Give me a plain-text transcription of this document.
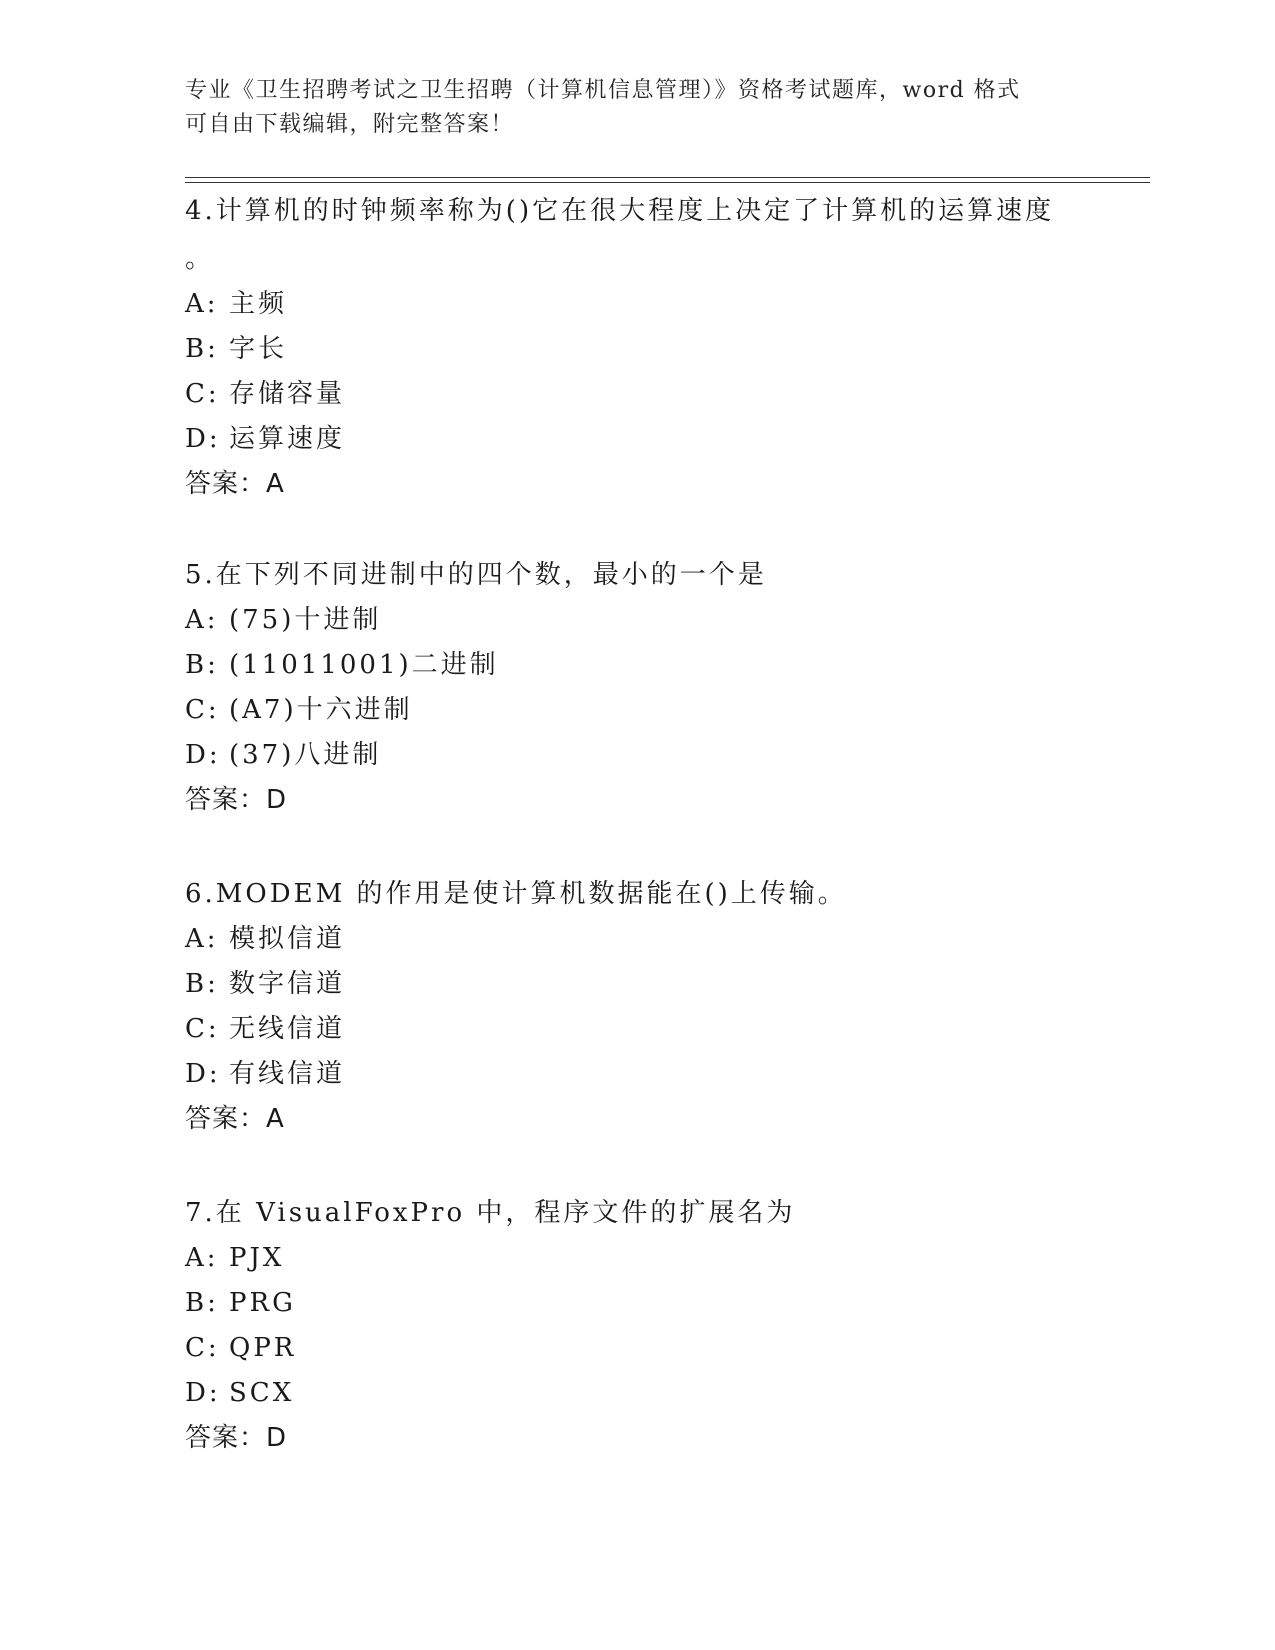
专业《卫生招聘考试之卫生招聘（计算机信息管理）》资格考试题库，word 格式
可自由下载编辑，附完整答案！
4.计算机的时钟频率称为()它在很大程度上决定了计算机的运算速度
。
A: 主频
B: 字长
C: 存储容量
D: 运算速度
答案：A
5.在下列不同进制中的四个数，最小的一个是
A: (75)十进制
B: (11011001)二进制
C: (A7)十六进制
D: (37)八进制
答案：D
6.MODEM 的作用是使计算机数据能在()上传输。
A: 模拟信道
B: 数字信道
C: 无线信道
D: 有线信道
答案：A
7.在 VisualFoxPro 中，程序文件的扩展名为
A: PJX
B: PRG
C: QPR
D: SCX
答案：D
